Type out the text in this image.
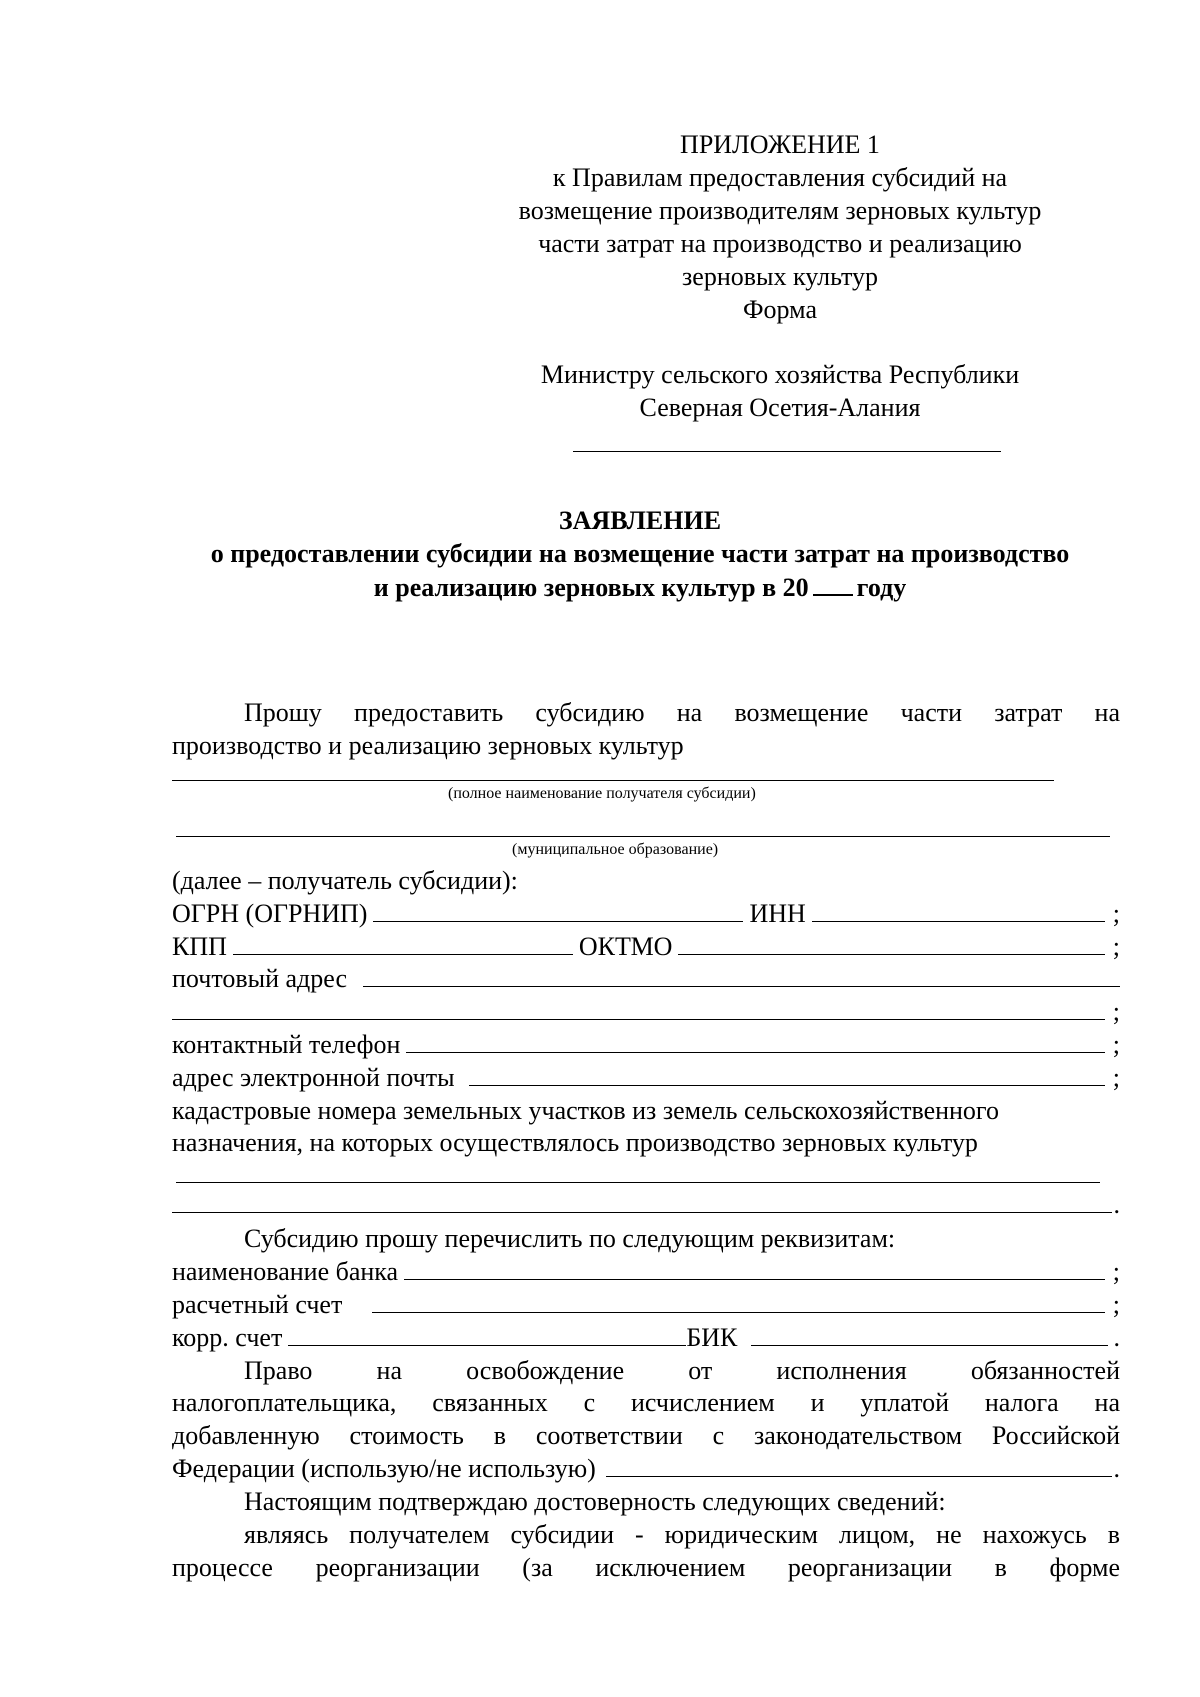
ПРИЛОЖЕНИЕ 1
к Правилам предоставления субсидий на
возмещение производителям зерновых культур
части затрат на производство и реализацию
зерновых культур
Форма
Министру сельского хозяйства Республики
Северная Осетия-Алания
ЗАЯВЛЕНИЕ
о предоставлении субсидии на возмещение части затрат на производство
и реализацию зерновых культур в 20 году
Прошу предоставить субсидию на возмещение части затрат на
производство и реализацию зерновых культур
(полное наименование получателя субсидии)
(муниципальное образование)
(далее – получатель субсидии):
ОГРН (ОГРНИП)	ИНН	;
КПП	ОКТМО	;
почтовый адрес
;
контактный телефон	;
адрес электронной почты	;
кадастровые номера земельных участков из земель сельскохозяйственного
назначения, на которых осуществлялось производство зерновых культур
.
Субсидию прошу перечислить по следующим реквизитам:
наименование банка	;
расчетный счет	;
корр. счет	БИК	.
Право на освобождение от исполнения обязанностей
налогоплательщика, связанных с исчислением и уплатой налога на
добавленную стоимость в соответствии с законодательством Российской
Федерации (использую/не использую)	.
Настоящим подтверждаю достоверность следующих сведений:
являясь получателем субсидии - юридическим лицом, не нахожусь в
процессе реорганизации (за исключением реорганизации в форме
